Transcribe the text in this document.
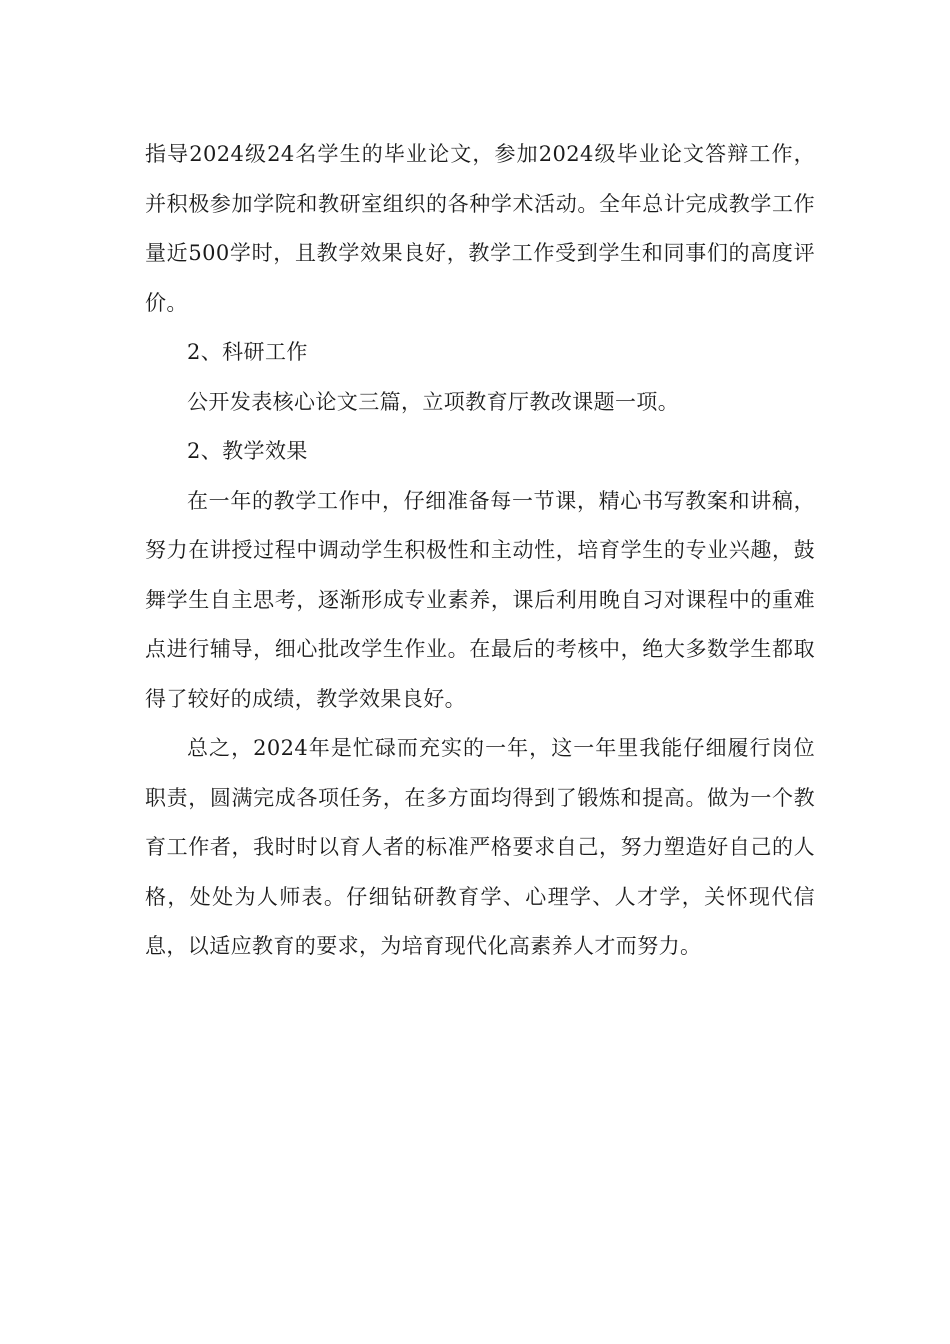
指导2024级24名学生的毕业论文，参加2024级毕业论文答辩工作，并积极参加学院和教研室组织的各种学术活动。全年总计完成教学工作量近500学时，且教学效果良好，教学工作受到学生和同事们的高度评价。

2、科研工作

公开发表核心论文三篇，立项教育厅教改课题一项。

2、教学效果

在一年的教学工作中，仔细准备每一节课，精心书写教案和讲稿，努力在讲授过程中调动学生积极性和主动性，培育学生的专业兴趣，鼓舞学生自主思考，逐渐形成专业素养，课后利用晚自习对课程中的重难点进行辅导，细心批改学生作业。在最后的考核中，绝大多数学生都取得了较好的成绩，教学效果良好。

总之，2024年是忙碌而充实的一年，这一年里我能仔细履行岗位职责，圆满完成各项任务，在多方面均得到了锻炼和提高。做为一个教育工作者，我时时以育人者的标准严格要求自己，努力塑造好自己的人格，处处为人师表。仔细钻研教育学、心理学、人才学，关怀现代信息，以适应教育的要求，为培育现代化高素养人才而努力。
